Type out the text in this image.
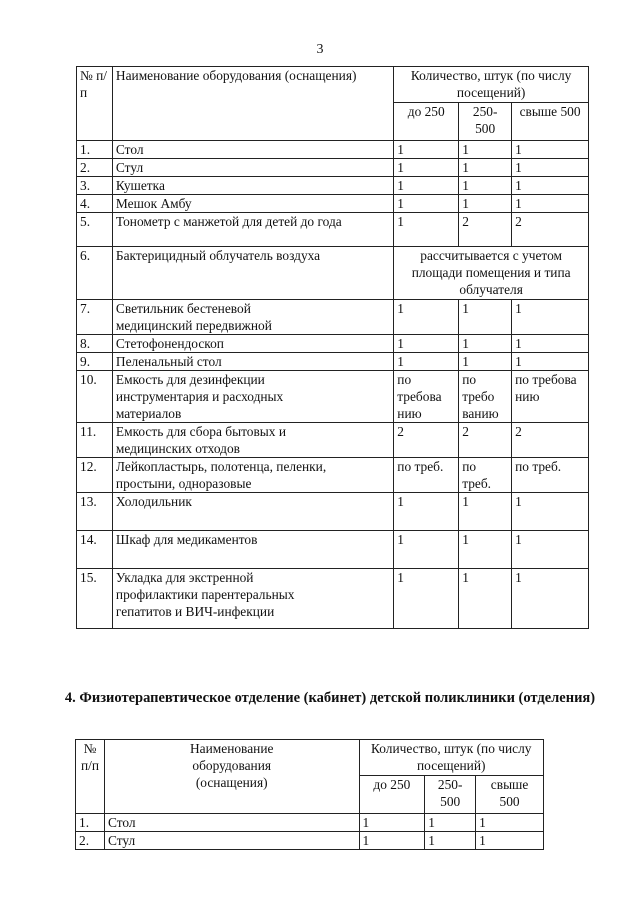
3
№ п/п	Наименование оборудования (оснащения)	Количество, штук (по числу посещений)		
		до 250	250- 500	свыше 500
1.	Стол	1	1	1
2.	Стул	1	1	1
3.	Кушетка	1	1	1
4.	Мешок Амбу	1	1	1
5.	Тонометр с манжетой для детей до года	1	2	2
6.	Бактерицидный облучатель воздуха	рассчитывается с учетом площади помещения и типа облучателя		
7.	Светильник бестеневой медицинский передвижной	1	1	1
8.	Стетофонендоскоп	1	1	1
9.	Пеленальный стол	1	1	1
10.	Емкость для дезинфекции инструментария и расходных материалов	по требова нию	по требо ванию	по требова нию
11.	Емкость для сбора бытовых и медицинских отходов	2	2	2
12.	Лейкопластырь, полотенца, пеленки, простыни, одноразовые	по треб.	по треб.	по треб.
13.	Холодильник	1	1	1
14.	Шкаф для медикаментов	1	1	1
15.	Укладка для экстренной профилактики парентеральных гепатитов и ВИЧ-инфекции	1	1	1
4. Физиотерапевтическое отделение (кабинет) детской поликлиники (отделения)
№ п/п	Наименование оборудования (оснащения)	Количество, штук (по числу посещений)		
		до 250	250- 500	свыше 500
1.	Стол	1	1	1
2.	Стул	1	1	1
